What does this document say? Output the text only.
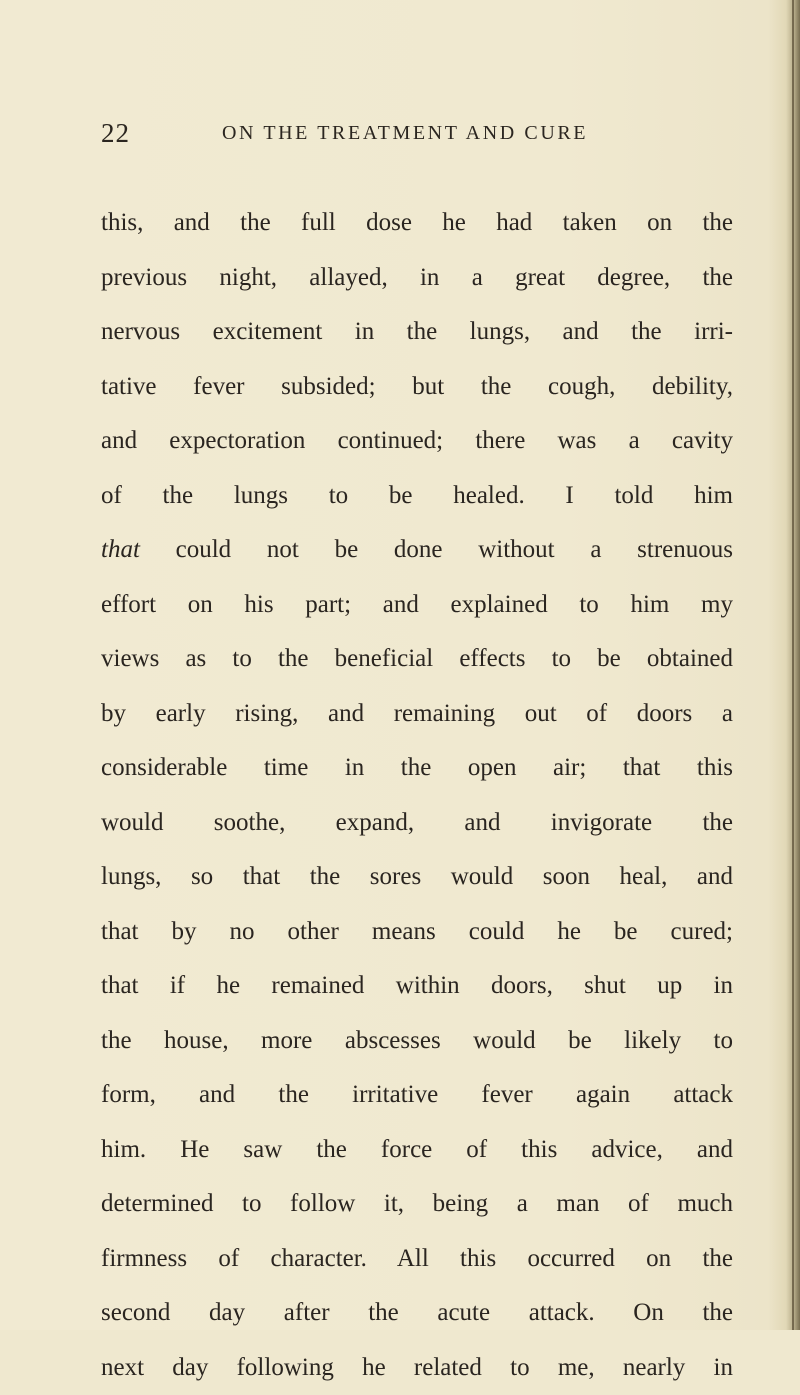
22	ON THE TREATMENT AND CURE
this, and the full dose he had taken on the
previous night, allayed, in a great degree, the
nervous excitement in the lungs, and the irri-
tative fever subsided; but the cough, debility,
and expectoration continued; there was a cavity
of the lungs to be healed. I told him
that could not be done without a strenuous
effort on his part; and explained to him my
views as to the beneficial effects to be obtained
by early rising, and remaining out of doors a
considerable time in the open air; that this
would soothe, expand, and invigorate the
lungs, so that the sores would soon heal, and
that by no other means could he be cured;
that if he remained within doors, shut up in
the house, more abscesses would be likely to
form, and the irritative fever again attack
him. He saw the force of this advice, and
determined to follow it, being a man of much
firmness of character. All this occurred on the
second day after the acute attack. On the
next day following he related to me, nearly in
